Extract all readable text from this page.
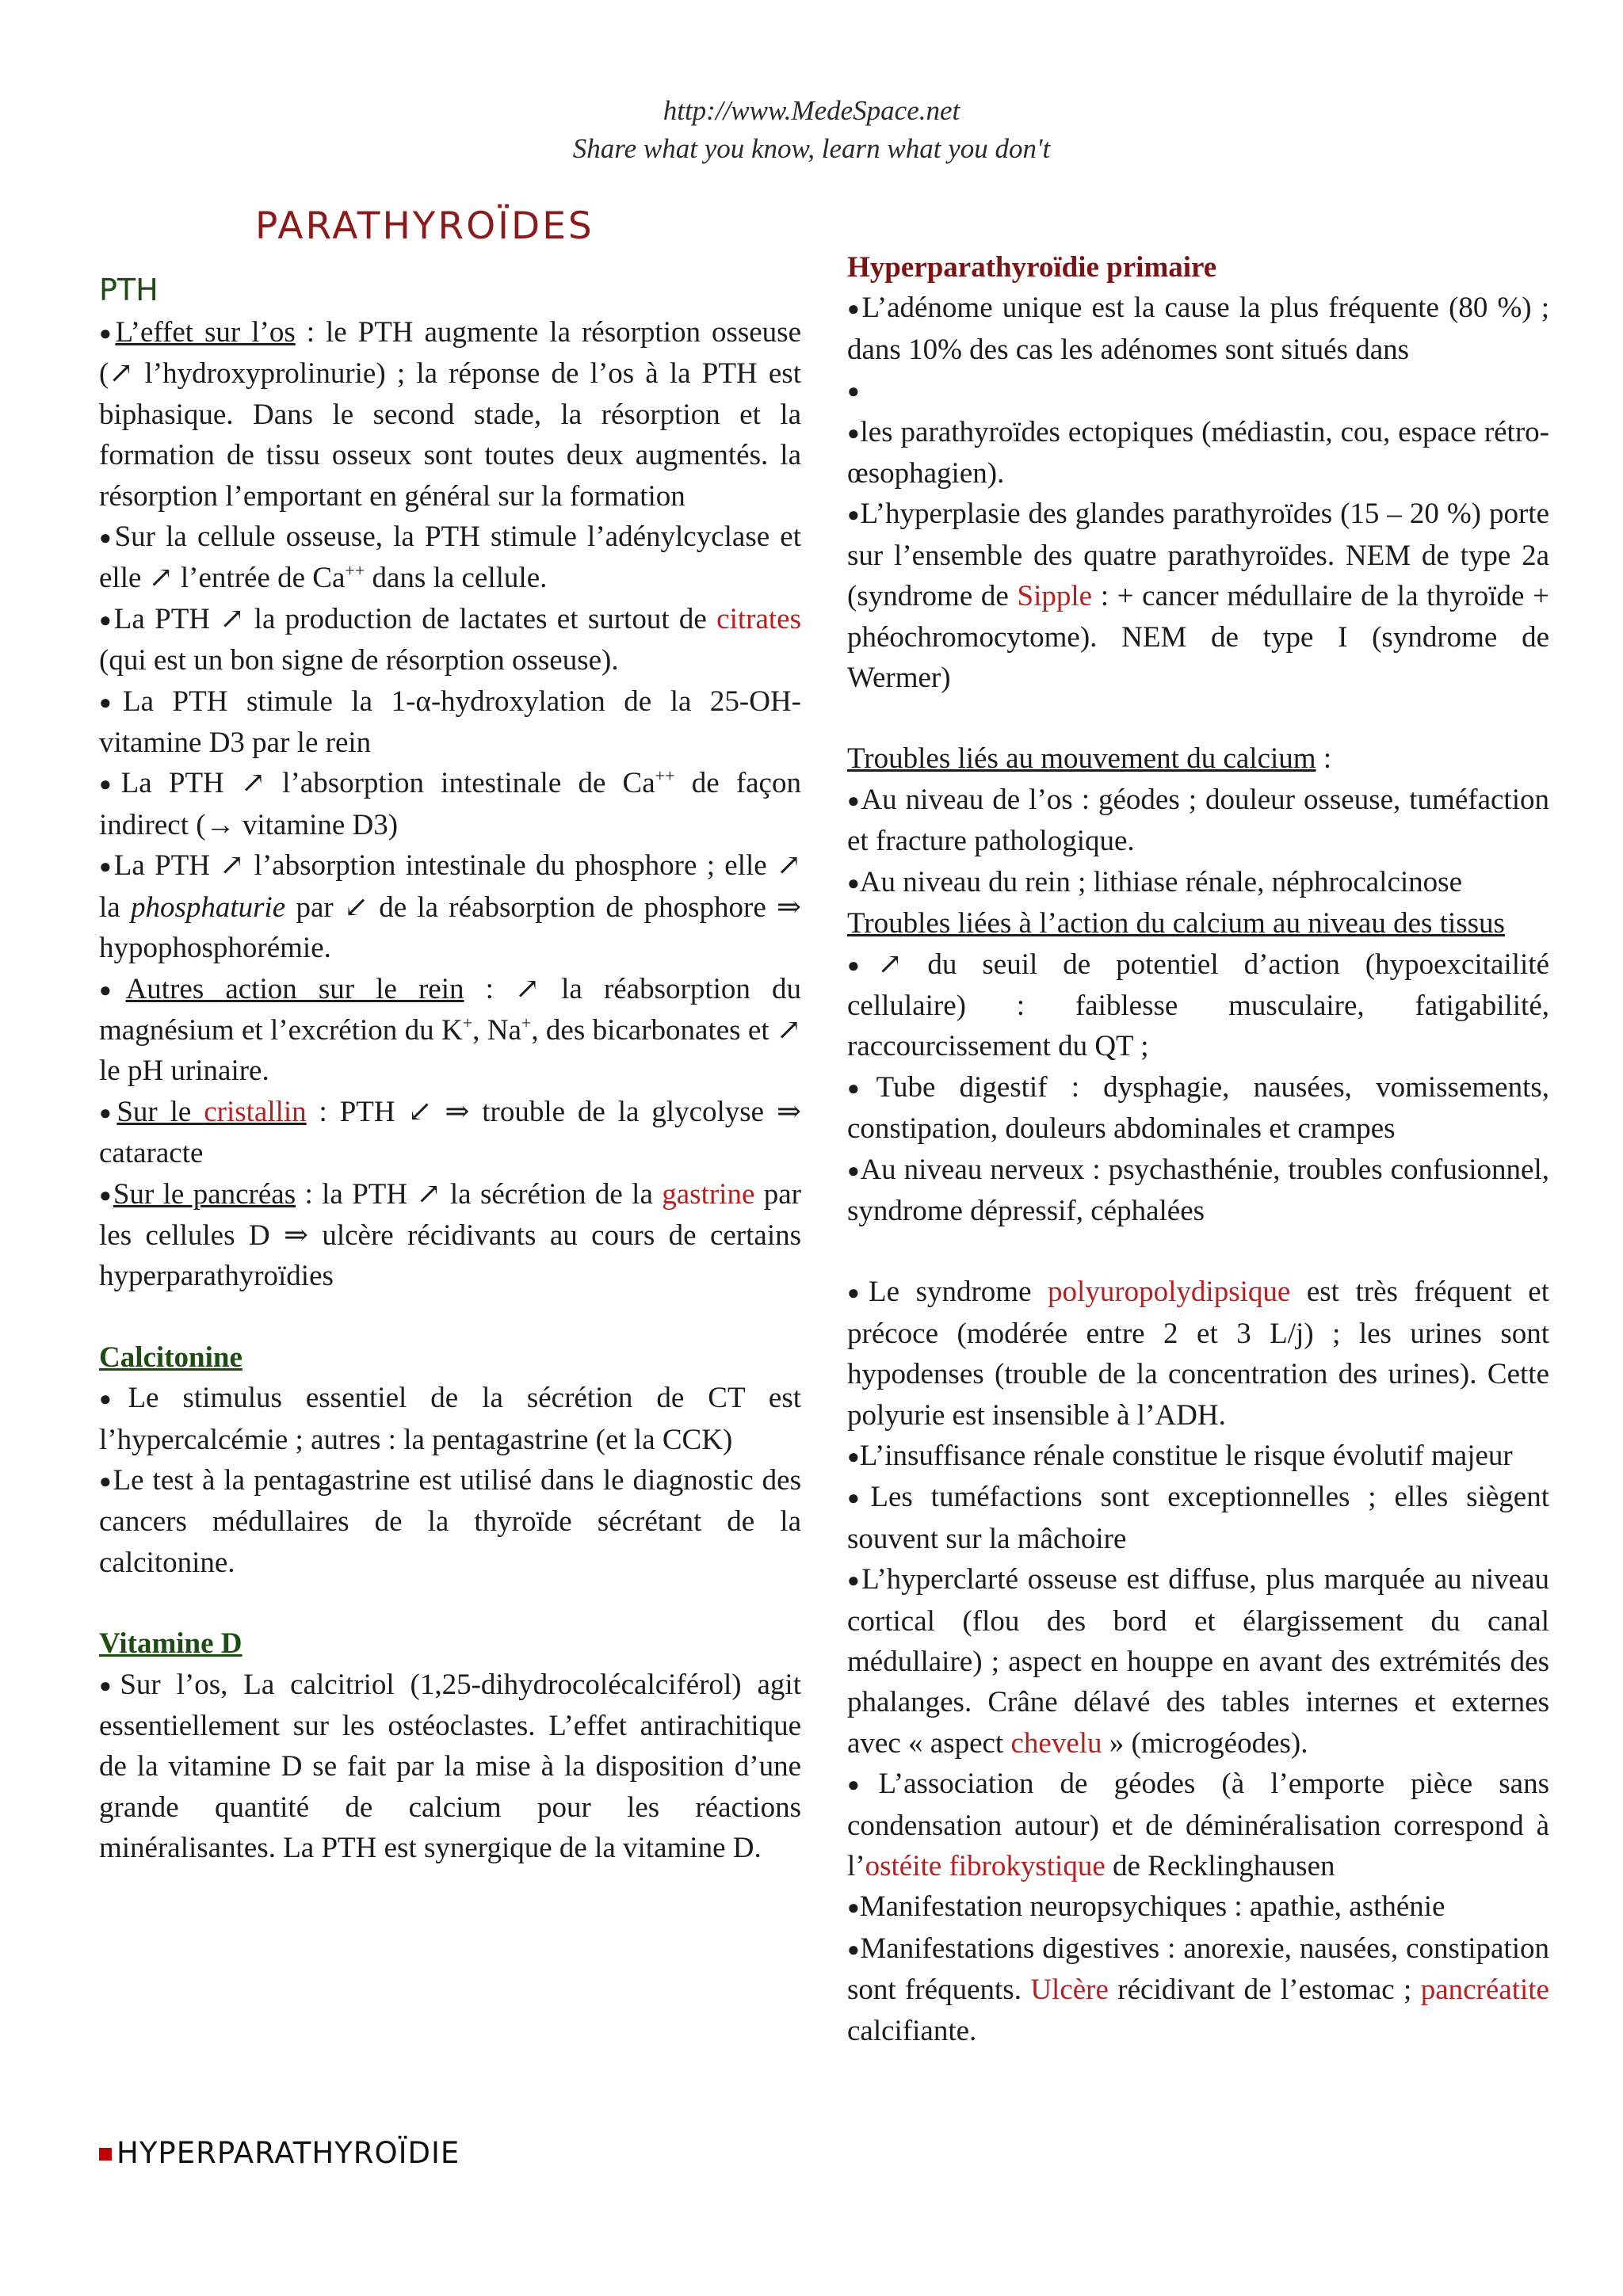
http://www.MedeSpace.net
Share what you know, learn what you don't
PARATHYROÏDES
PTH

●L’effet sur l’os : le PTH augmente la résorption osseuse (↗ l’hydroxyprolinurie) ; la réponse de l’os à la PTH est biphasique. Dans le second stade, la résorption et la formation de tissu osseux sont toutes deux augmentés. la résorption l’emportant en général sur la formation

●Sur la cellule osseuse, la PTH stimule l’adénylcyclase et elle ↗ l’entrée de Ca++ dans la cellule.

●La PTH ↗ la production de lactates et surtout de citrates (qui est un bon signe de résorption osseuse).

●La PTH stimule la 1-α-hydroxylation de la 25-OH-vitamine D3 par le rein

●La PTH ↗ l’absorption intestinale de Ca++ de façon indirect (→ vitamine D3)

●La PTH ↗ l’absorption intestinale du phosphore ; elle ↗ la phosphaturie par ↙ de la réabsorption de phosphore ⇒ hypophosphorémie.

●Autres action sur le rein : ↗ la réabsorption du magnésium et l’excrétion du K+, Na+, des bicarbonates et ↗ le pH urinaire.

●Sur le cristallin : PTH ↙ ⇒ trouble de la glycolyse ⇒ cataracte

●Sur le pancréas : la PTH ↗ la sécrétion de la gastrine par les cellules D ⇒ ulcère récidivants au cours de certains hyperparathyroïdies

Calcitonine

●Le stimulus essentiel de la sécrétion de CT est l’hypercalcémie ; autres : la pentagastrine (et la CCK)

●Le test à la pentagastrine est utilisé dans le diagnostic des cancers médullaires de la thyroïde sécrétant de la calcitonine.

Vitamine D

●Sur l’os, La calcitriol (1,25-dihydrocolécalciférol) agit essentiellement sur les ostéoclastes. L’effet antirachitique de la vitamine D se fait par la mise à la disposition d’une grande quantité de calcium pour les réactions minéralisantes. La PTH est synergique de la vitamine D.

HYPERPARATHYROÏDIE
Hyperparathyroïdie primaire

●L’adénome unique est la cause la plus fréquente (80 %) ; dans 10% des cas les adénomes sont situés dans

●

●les parathyroïdes ectopiques (médiastin, cou, espace rétro-œsophagien).

●L’hyperplasie des glandes parathyroïdes (15 – 20 %) porte sur l’ensemble des quatre parathyroïdes. NEM de type 2a (syndrome de Sipple : + cancer médullaire de la thyroïde + phéochromocytome). NEM de type I (syndrome de Wermer)

Troubles liés au mouvement du calcium :

●Au niveau de l’os : géodes ; douleur osseuse, tuméfaction et fracture pathologique.

●Au niveau du rein ; lithiase rénale, néphrocalcinose

Troubles liées à l’action du calcium au niveau des tissus

●↗ du seuil de potentiel d’action (hypoexcitailité cellulaire) : faiblesse musculaire, fatigabilité, raccourcissement du QT ;

●Tube digestif : dysphagie, nausées, vomissements, constipation, douleurs abdominales et crampes

●Au niveau nerveux : psychasthénie, troubles confusionnel, syndrome dépressif, céphalées

●Le syndrome polyuropolydipsique est très fréquent et précoce (modérée entre 2 et 3 L/j) ; les urines sont hypodenses (trouble de la concentration des urines). Cette polyurie est insensible à l’ADH.

●L’insuffisance rénale constitue le risque évolutif majeur

●Les tuméfactions sont exceptionnelles ; elles siègent souvent sur la mâchoire

●L’hyperclarté osseuse est diffuse, plus marquée au niveau cortical (flou des bord et élargissement du canal médullaire) ; aspect en houppe en avant des extrémités des phalanges. Crâne délavé des tables internes et externes avec « aspect chevelu » (microgéodes).

●L’association de géodes (à l’emporte pièce sans condensation autour) et de déminéralisation correspond à l’ostéite fibrokystique de Recklinghausen

●Manifestation neuropsychiques : apathie, asthénie

●Manifestations digestives : anorexie, nausées, constipation sont fréquents. Ulcère récidivant de l’estomac ; pancréatite calcifiante.
